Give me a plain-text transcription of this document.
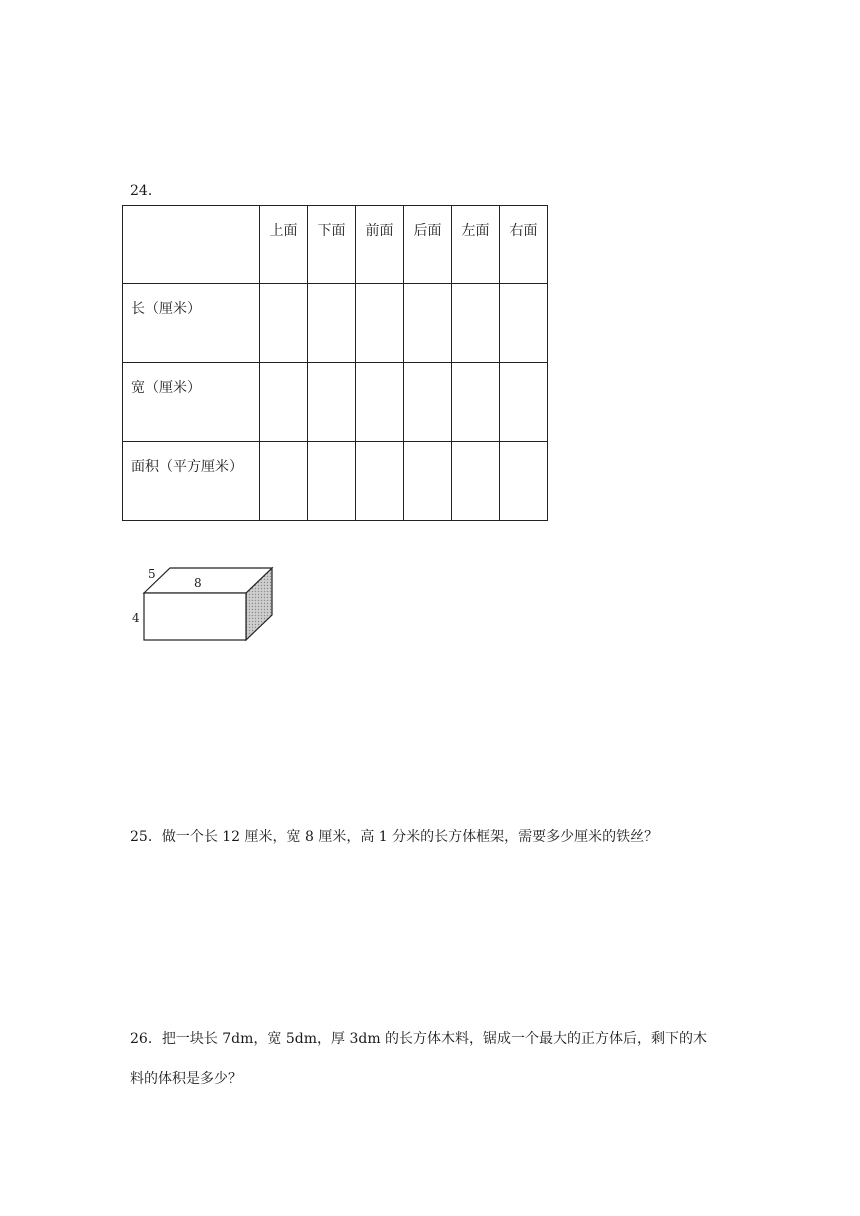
24．
	上面	下面	前面	后面	左面	右面
长（厘米）						
宽（厘米）						
面积（平方厘米）						
8
5
4
25．做一个长 12 厘米，宽 8 厘米，高 1 分米的长方体框架，需要多少厘米的铁丝？
26．把一块长 7dm，宽 5dm，厚 3dm 的长方体木料，锯成一个最大的正方体后，剩下的木
料的体积是多少？
